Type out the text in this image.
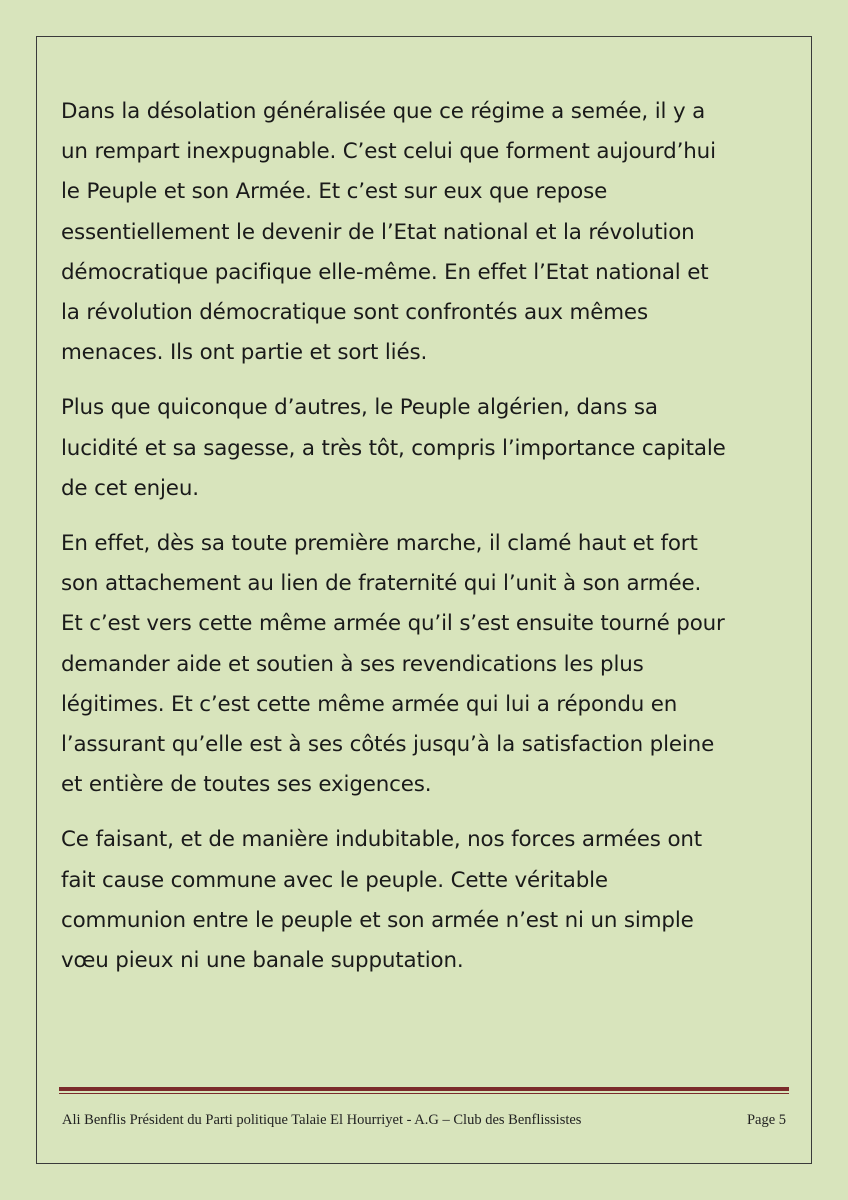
Dans la désolation généralisée que ce régime a semée, il y a
un rempart inexpugnable. C’est celui que forment aujourd’hui
le Peuple et son Armée. Et c’est sur eux que repose
essentiellement le devenir de l’Etat national et la révolution
démocratique pacifique elle-même. En effet l’Etat national et
la révolution démocratique sont confrontés aux mêmes
menaces. Ils ont partie et sort liés.

Plus que quiconque d’autres, le Peuple algérien, dans sa
lucidité et sa sagesse, a très tôt, compris l’importance capitale
de cet enjeu.

En effet, dès sa toute première marche, il clamé haut et fort
son attachement au lien de fraternité qui l’unit à son armée.
Et c’est vers cette même armée qu’il s’est ensuite tourné pour
demander aide et soutien à ses revendications les plus
légitimes. Et c’est cette même armée qui lui a répondu en
l’assurant qu’elle est à ses côtés jusqu’à la satisfaction pleine
et entière de toutes ses exigences.

Ce faisant, et de manière indubitable, nos forces armées ont
fait cause commune avec le peuple. Cette véritable
communion entre le peuple et son armée n’est ni un simple
vœu pieux ni une banale supputation.

Ali Benflis Président du Parti politique Talaie El Hourriyet - A.G – Club des Benflissistes	Page 5
